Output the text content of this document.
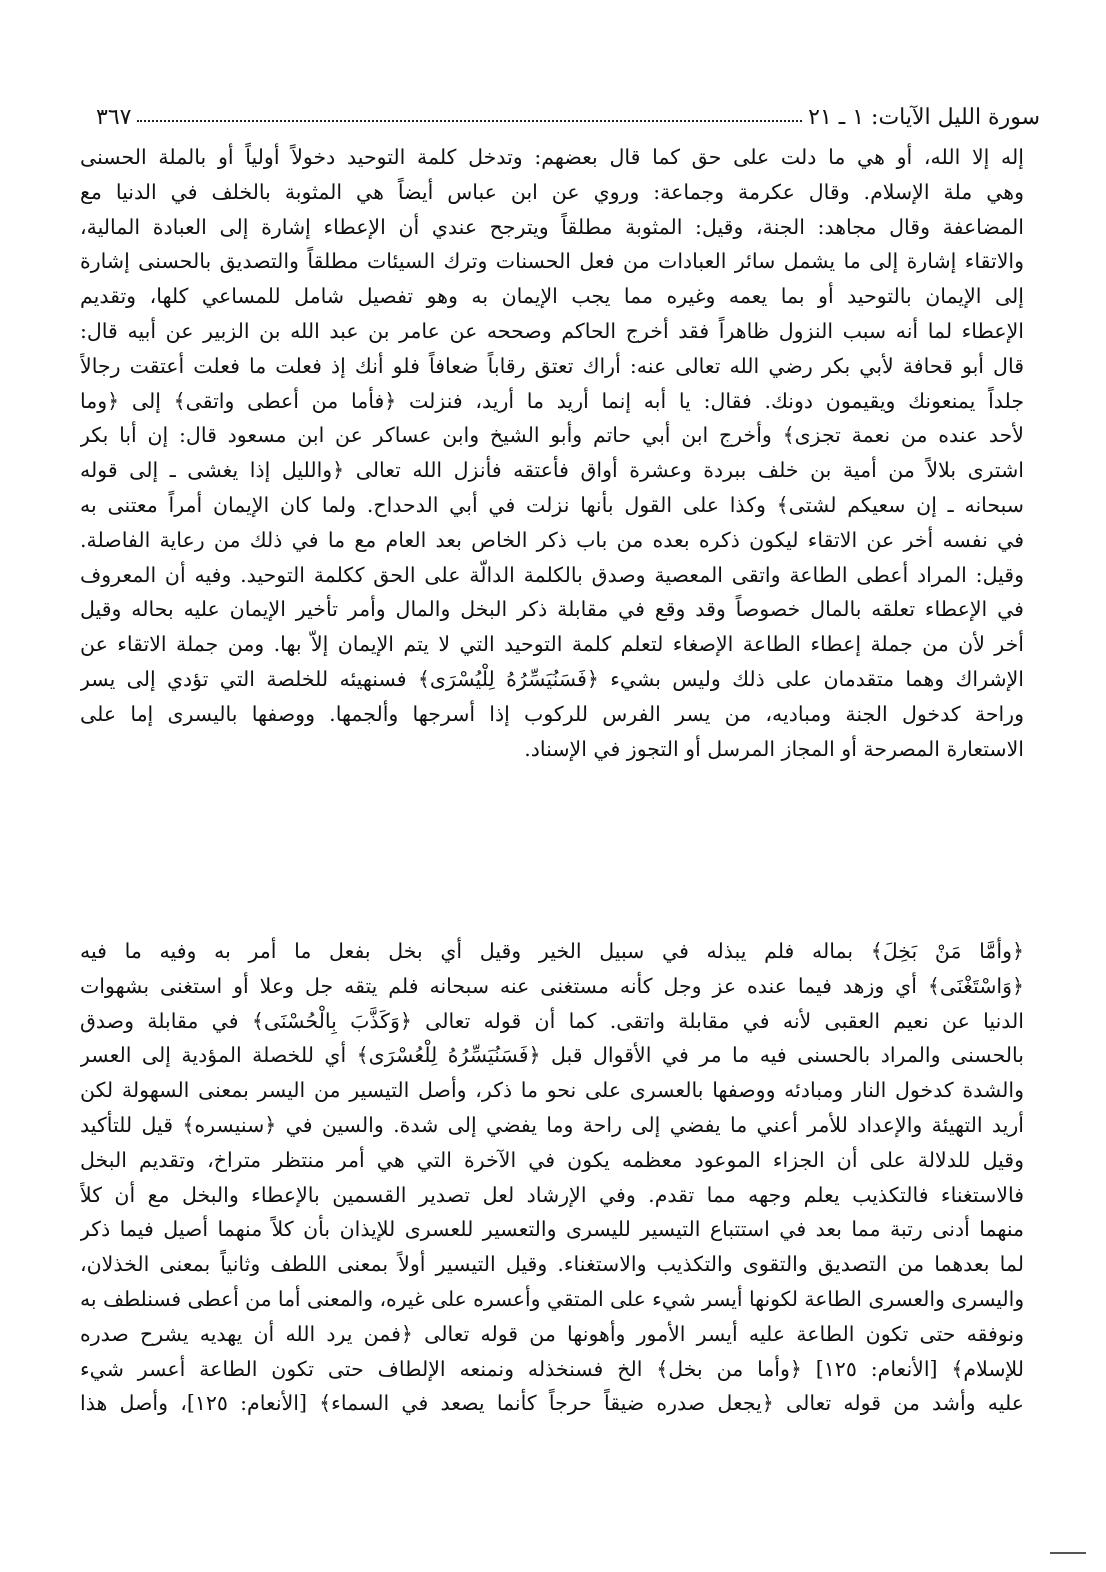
سورة الليل الآيات: ١ ـ ٢١
٣٦٧
إله إلا الله، أو هي ما دلت على حق كما قال بعضهم: وتدخل كلمة التوحيد دخولاً أولياً أو بالملة الحسنى
وهي ملة الإسلام. وقال عكرمة وجماعة: وروي عن ابن عباس أيضاً هي المثوبة بالخلف في الدنيا مع
المضاعفة وقال مجاهد: الجنة، وقيل: المثوبة مطلقاً ويترجح عندي أن الإعطاء إشارة إلى العبادة المالية،
والاتقاء إشارة إلى ما يشمل سائر العبادات من فعل الحسنات وترك السيئات مطلقاً والتصديق بالحسنى إشارة
إلى الإيمان بالتوحيد أو بما يعمه وغيره مما يجب الإيمان به وهو تفصيل شامل للمساعي كلها، وتقديم
الإعطاء لما أنه سبب النزول ظاهراً فقد أخرج الحاكم وصححه عن عامر بن عبد الله بن الزبير عن أبيه قال:
قال أبو قحافة لأبي بكر رضي الله تعالى عنه: أراك تعتق رقاباً ضعافاً فلو أنك إذ فعلت ما فعلت أعتقت رجالاً
جلداً يمنعونك ويقيمون دونك. فقال: يا أبه إنما أريد ما أريد، فنزلت ﴿فأما من أعطى واتقى﴾ إلى ﴿وما
لأحد عنده من نعمة تجزى﴾ وأخرج ابن أبي حاتم وأبو الشيخ وابن عساكر عن ابن مسعود قال: إن أبا بكر
اشترى بلالاً من أمية بن خلف ببردة وعشرة أواق فأعتقه فأنزل الله تعالى ﴿والليل إذا يغشى ـ إلى قوله
سبحانه ـ إن سعيكم لشتى﴾ وكذا على القول بأنها نزلت في أبي الدحداح. ولما كان الإيمان أمراً معتنى به
في نفسه أخر عن الاتقاء ليكون ذكره بعده من باب ذكر الخاص بعد العام مع ما في ذلك من رعاية الفاصلة.
وقيل: المراد أعطى الطاعة واتقى المعصية وصدق بالكلمة الدالّة على الحق ككلمة التوحيد. وفيه أن المعروف
في الإعطاء تعلقه بالمال خصوصاً وقد وقع في مقابلة ذكر البخل والمال وأمر تأخير الإيمان عليه بحاله وقيل
أخر لأن من جملة إعطاء الطاعة الإصغاء لتعلم كلمة التوحيد التي لا يتم الإيمان إلاّ بها. ومن جملة الاتقاء عن
الإشراك وهما متقدمان على ذلك وليس بشيء ﴿فَسَنُيَسِّرُهُ لِلْيُسْرَى﴾ فسنهيئه للخلصة التي تؤدي إلى يسر
وراحة كدخول الجنة ومباديه، من يسر الفرس للركوب إذا أسرجها وألجمها. ووصفها باليسرى إما على
الاستعارة المصرحة أو المجاز المرسل أو التجوز في الإسناد.
﴿وأمَّا مَنْ بَخِلَ﴾ بماله فلم يبذله في سبيل الخير وقيل أي بخل بفعل ما أمر به وفيه ما فيه
﴿وَاسْتَغْنَى﴾ أي وزهد فيما عنده عز وجل كأنه مستغنى عنه سبحانه فلم يتقه جل وعلا أو استغنى بشهوات
الدنيا عن نعيم العقبى لأنه في مقابلة واتقى. كما أن قوله تعالى ﴿وَكَذَّبَ بِالْحُسْنَى﴾ في مقابلة وصدق
بالحسنى والمراد بالحسنى فيه ما مر في الأقوال قبل ﴿فَسَنُيَسِّرُهُ لِلْعُسْرَى﴾ أي للخصلة المؤدية إلى العسر
والشدة كدخول النار ومبادئه ووصفها بالعسرى على نحو ما ذكر، وأصل التيسير من اليسر بمعنى السهولة لكن
أريد التهيئة والإعداد للأمر أعني ما يفضي إلى راحة وما يفضي إلى شدة. والسين في ﴿سنيسره﴾ قيل للتأكيد
وقيل للدلالة على أن الجزاء الموعود معظمه يكون في الآخرة التي هي أمر منتظر متراخ، وتقديم البخل
فالاستغناء فالتكذيب يعلم وجهه مما تقدم. وفي الإرشاد لعل تصدير القسمين بالإعطاء والبخل مع أن كلاً
منهما أدنى رتبة مما بعد في استتباع التيسير لليسرى والتعسير للعسرى للإيذان بأن كلاً منهما أصيل فيما ذكر
لما بعدهما من التصديق والتقوى والتكذيب والاستغناء. وقيل التيسير أولاً بمعنى اللطف وثانياً بمعنى الخذلان،
واليسرى والعسرى الطاعة لكونها أيسر شيء على المتقي وأعسره على غيره، والمعنى أما من أعطى فسنلطف به
ونوفقه حتى تكون الطاعة عليه أيسر الأمور وأهونها من قوله تعالى ﴿فمن يرد الله أن يهديه يشرح صدره
للإسلام﴾ [الأنعام: ١٢٥] ﴿وأما من بخل﴾ الخ فسنخذله ونمنعه الإلطاف حتى تكون الطاعة أعسر شيء
عليه وأشد من قوله تعالى ﴿يجعل صدره ضيقاً حرجاً كأنما يصعد في السماء﴾ [الأنعام: ١٢٥]، وأصل هذا
